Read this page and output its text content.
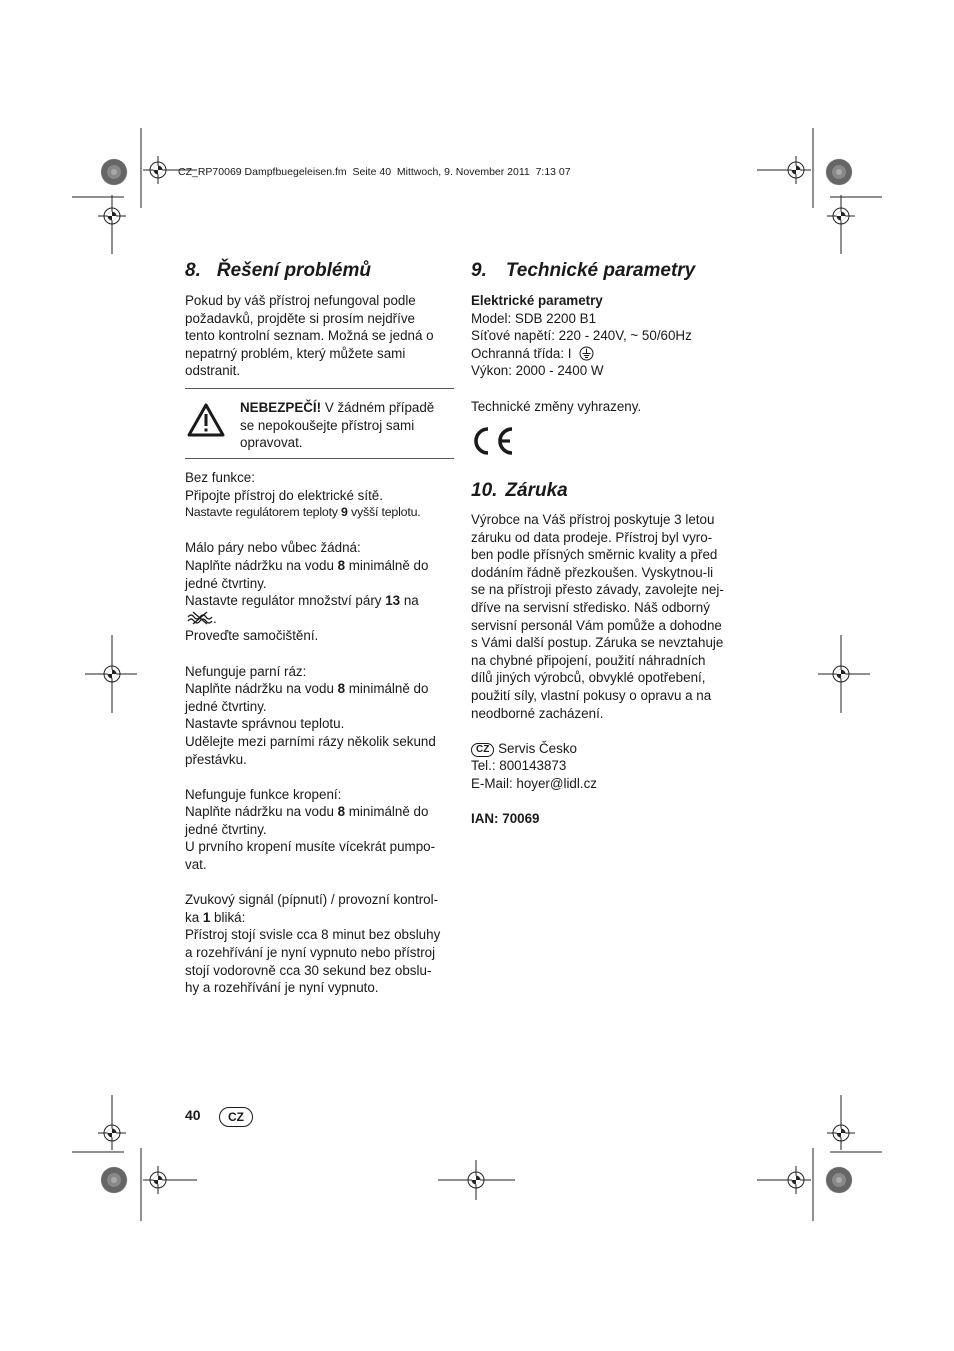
CZ_RP70069 Dampfbuegeleisen.fm  Seite 40  Mittwoch, 9. November 2011  7:13 07
8. Řešení problémů

Pokud by váš přístroj nefungoval podle

požadavků, projděte si prosím nejdříve

tento kontrolní seznam. Možná se jedná o

nepatrný problém, který můžete sami

odstranit.

NEBEZPEČÍ! V žádném případě

se nepokoušejte přístroj sami

opravovat.

Bez funkce:

Připojte přístroj do elektrické sítě.

Nastavte regulátorem teploty 9 vyšší teplotu.

Málo páry nebo vůbec žádná:

Naplňte nádržku na vodu 8 minimálně do

jedné čtvrtiny.

Nastavte regulátor množství páry 13 na

.

Proveďte samočištění.

Nefunguje parní ráz:

Naplňte nádržku na vodu 8 minimálně do

jedné čtvrtiny.

Nastavte správnou teplotu.

Udělejte mezi parními rázy několik sekund

přestávku.

Nefunguje funkce kropení:

Naplňte nádržku na vodu 8 minimálně do

jedné čtvrtiny.

U prvního kropení musíte vícekrát pumpo-

vat.

Zvukový signál (pípnutí) / provozní kontrol-

ka 1 bliká:

Přístroj stojí svisle cca 8 minut bez obsluhy

a rozehřívání je nyní vypnuto nebo přístroj

stojí vodorovně cca 30 sekund bez obslu-

hy a rozehřívání je nyní vypnuto.

9. Technické parametry

Elektrické parametry

Model: SDB 2200 B1

Síťové napětí: 220 - 240V, ~ 50/60Hz

Ochranná třída: I

Výkon: 2000 - 2400 W

Technické změny vyhrazeny.

10. Záruka

Výrobce na Váš přístroj poskytuje 3 letou

záruku od data prodeje. Přístroj byl vyro-

ben podle přísných směrnic kvality a před

dodáním řádně přezkoušen. Vyskytnou-li

se na přístroji přesto závady, zavolejte nej-

dříve na servisní středisko. Náš odborný

servisní personál Vám pomůže a dohodne

s Vámi další postup. Záruka se nevztahuje

na chybné připojení, použití náhradních

dílů jiných výrobců, obvyklé opotřebení,

použití síly, vlastní pokusy o opravu a na

neodborné zacházení.

CZ Servis Česko

Tel.: 800143873

E-Mail: hoyer@lidl.cz

IAN: 70069

40	CZ
